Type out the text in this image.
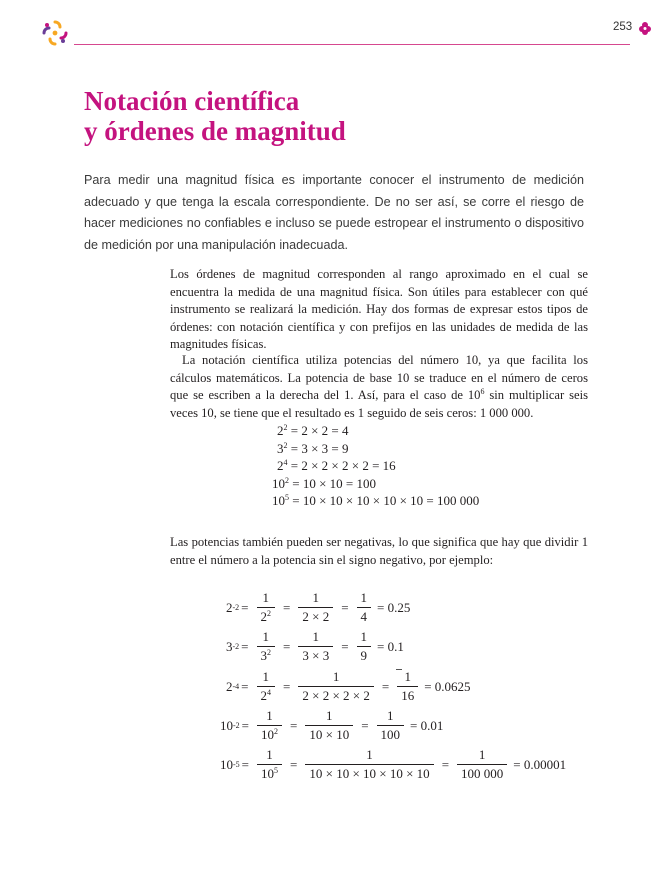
253
Notación científica
y órdenes de magnitud

Para medir una magnitud física es importante conocer el instrumento de medición adecuado y que tenga la escala correspondiente. De no ser así, se corre el riesgo de hacer mediciones no confiables e incluso se puede estropear el instrumento o dispositivo de medición por una manipulación inadecuada.

Los órdenes de magnitud corresponden al rango aproximado en el cual se encuentra la medida de una magnitud física. Son útiles para establecer con qué instrumento se realizará la medición. Hay dos formas de expresar estos tipos de órdenes: con notación científica y con prefijos en las unidades de medida de las magnitudes físicas.

La notación científica utiliza potencias del número 10, ya que facilita los cálculos matemáticos. La potencia de base 10 se traduce en el número de ceros que se escriben a la derecha del 1. Así, para el caso de $10^6$ sin multiplicar seis veces 10, se tiene que el resultado es 1 seguido de seis ceros: 1 000 000.

$2^2 = 2 \times 2 = 4$
$3^2 = 3 \times 3 = 9$
$2^4 = 2 \times 2 \times 2 \times 2 = 16$
$10^2 = 10 \times 10 = 100$
$10^5 = 10 \times 10 \times 10 \times 10 \times 10 = 100$ 000

Las potencias también pueden ser negativas, lo que significa que hay que dividir 1 entre el número a la potencia sin el signo negativo, por ejemplo:

2 $-2 = \frac{1}{2^2} = \frac{1}{2 \times 2} = \frac{1}{4} = 0.25$
3 $-2 = \frac{1}{3^2} = \frac{1}{3 \times 3} = \frac{1}{9} = 0.1$
2 $-4 = \frac{1}{2^4} = \frac{1}{2 \times 2 \times 2 \times 2} = \frac{1}{16} = 0.0625$
10 $-2 = \frac{1}{10^2} = \frac{1}{10 \times 10} = \frac{1}{100} = 0.01$
10 $-5 = \frac{1}{10^5} = \frac{1}{10 \times 10 \times 10 \times 10 \times 10} = \frac{1}{100 000} = 0.00001$
